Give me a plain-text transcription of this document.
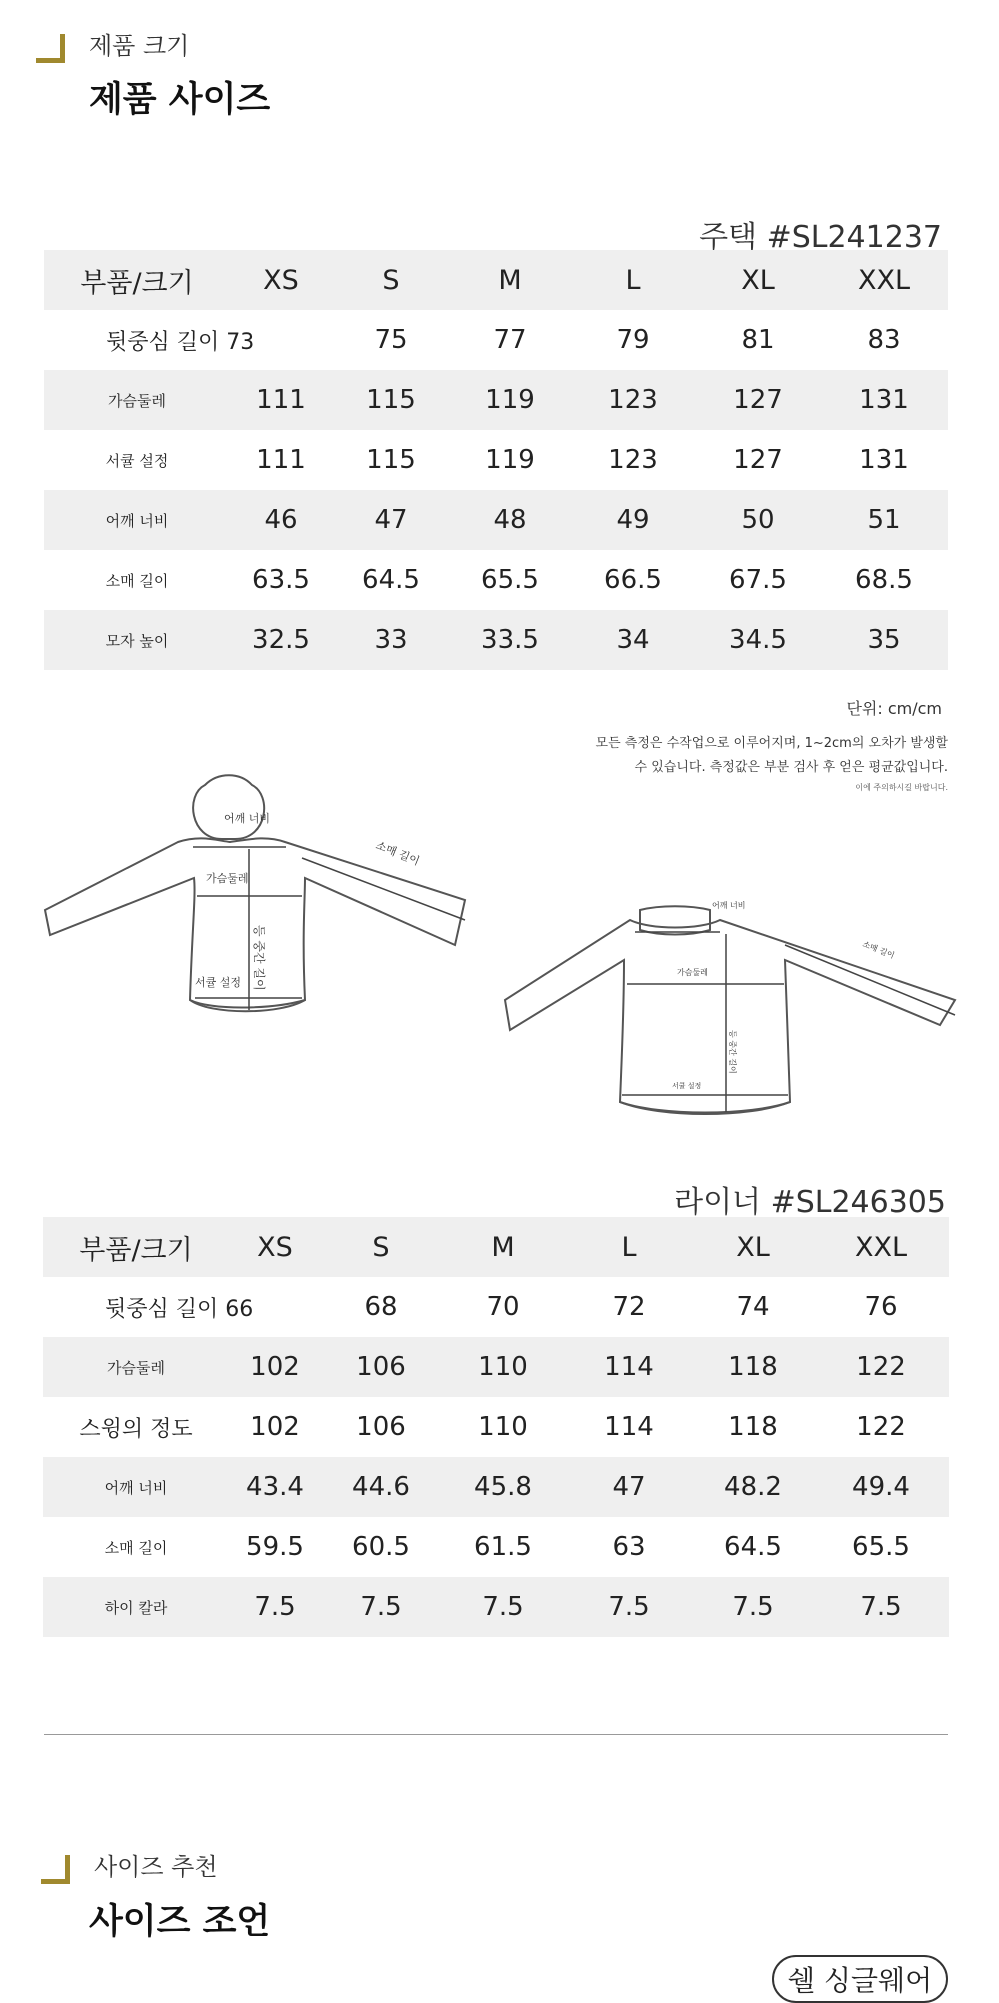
제품 크기
제품 사이즈
주택 #SL241237
부품/크기	XS	S	M	L	XL	XXL
뒷중심 길이 73		75	77	79	81	83
가슴둘레	111	115	119	123	127	131
서큘 설정	111	115	119	123	127	131
어깨 너비	46	47	48	49	50	51
소매 길이	63.5	64.5	65.5	66.5	67.5	68.5
모자 높이	32.5	33	33.5	34	34.5	35
단위: cm/cm
모든 측정은 수작업으로 이루어지며, 1~2cm의 오차가 발생할
수 있습니다. 측정값은 부분 검사 후 얻은 평균값입니다.
이에 주의하시길 바랍니다.
어깨 너비
소매 길이
가슴둘레
등 중간 길이
서큘 설정
어깨 너비
소매 길이
가슴둘레
등 중간 길이
서큘 설정
라이너 #SL246305
부품/크기	XS	S	M	L	XL	XXL
뒷중심 길이 66		68	70	72	74	76
가슴둘레	102	106	110	114	118	122
스윙의 정도	102	106	110	114	118	122
어깨 너비	43.4	44.6	45.8	47	48.2	49.4
소매 길이	59.5	60.5	61.5	63	64.5	65.5
하이 칼라	7.5	7.5	7.5	7.5	7.5	7.5
사이즈 추천
사이즈 조언
쉘 싱글웨어
